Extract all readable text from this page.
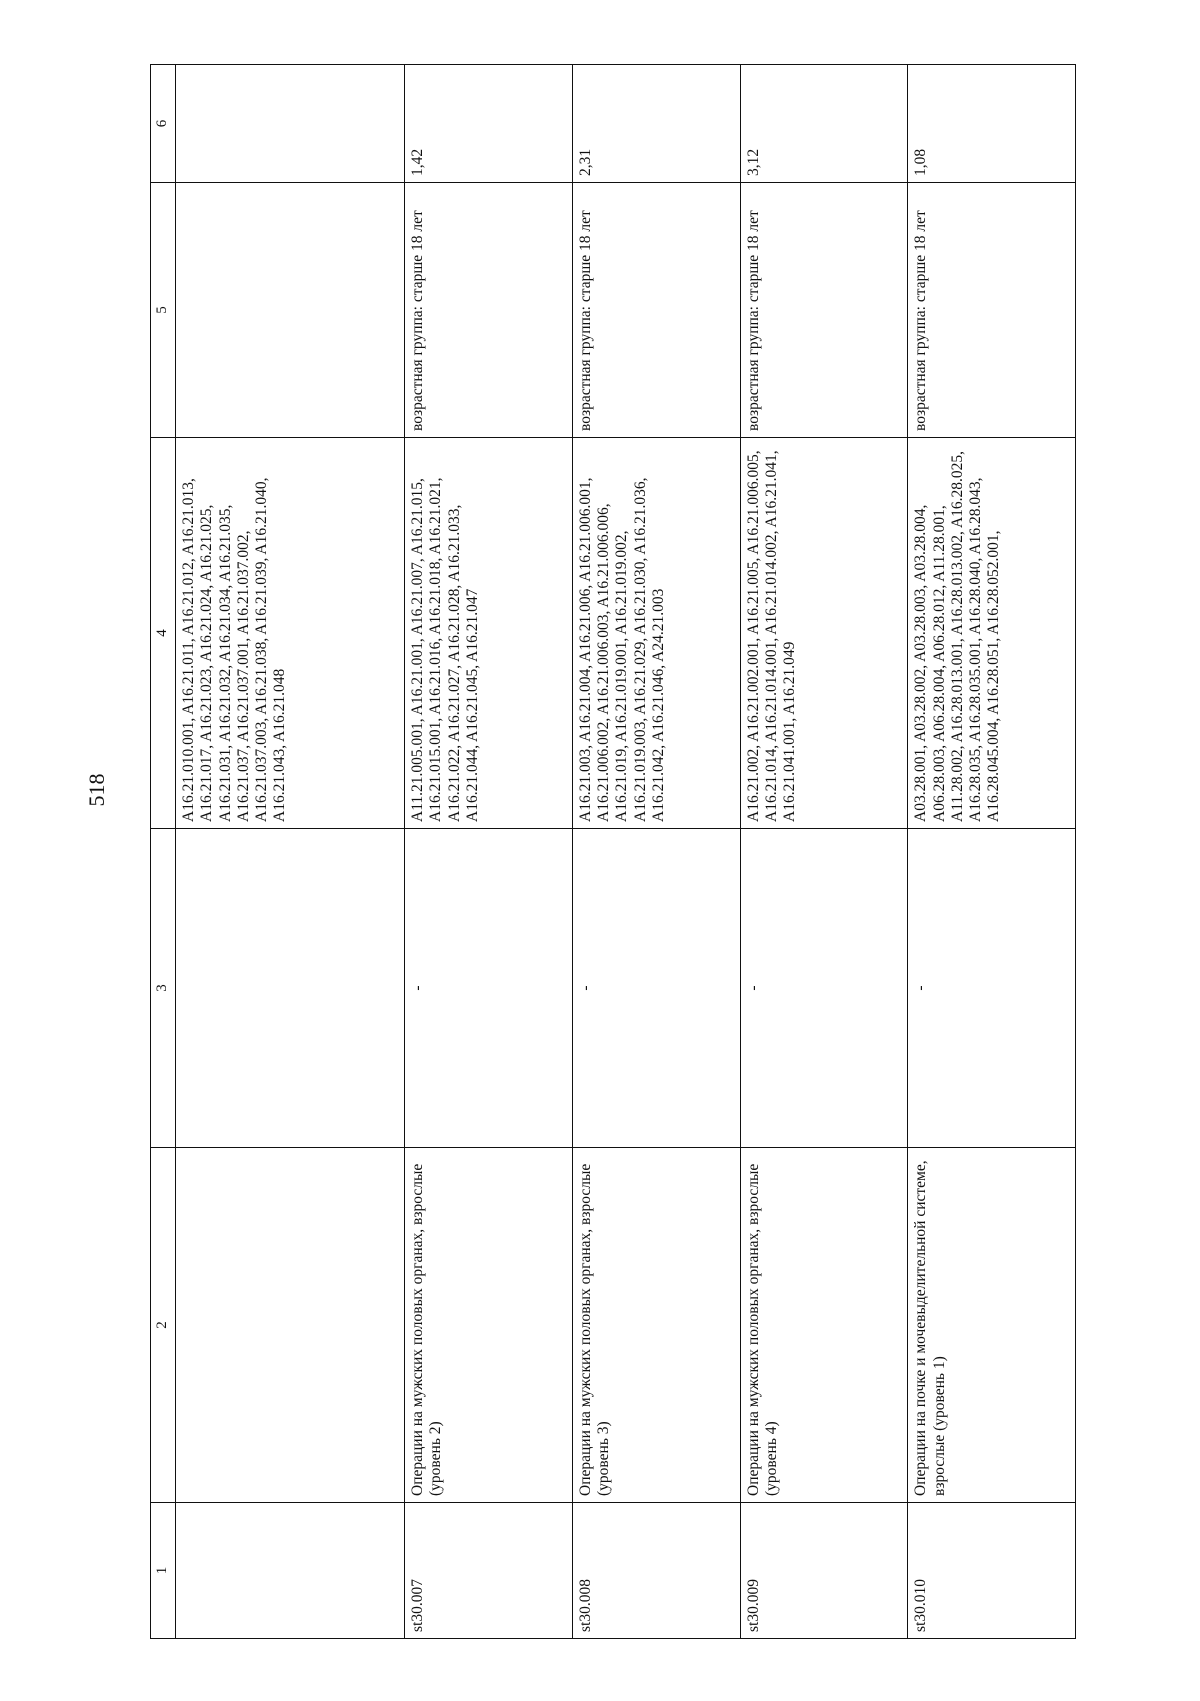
518
1	2	3	4	5	6
			A16.21.010.001, A16.21.011, A16.21.012, A16.21.013, A16.21.017, A16.21.023, A16.21.024, A16.21.025, A16.21.031, A16.21.032, A16.21.034, A16.21.035, A16.21.037, A16.21.037.001, A16.21.037.002, A16.21.037.003, A16.21.038, A16.21.039, A16.21.040, A16.21.043, A16.21.048		
st30.007	Операции на мужских половых органах, взрослые (уровень 2)	-	A11.21.005.001, A16.21.001, A16.21.007, A16.21.015, A16.21.015.001, A16.21.016, A16.21.018, A16.21.021, A16.21.022, A16.21.027, A16.21.028, A16.21.033, A16.21.044, A16.21.045, A16.21.047	возрастная группа: старше 18 лет	1,42
st30.008	Операции на мужских половых органах, взрослые (уровень 3)	-	A16.21.003, A16.21.004, A16.21.006, A16.21.006.001, A16.21.006.002, A16.21.006.003, A16.21.006.006, A16.21.019, A16.21.019.001, A16.21.019.002, A16.21.019.003, A16.21.029, A16.21.030, A16.21.036, A16.21.042, A16.21.046, A24.21.003	возрастная группа: старше 18 лет	2,31
st30.009	Операции на мужских половых органах, взрослые (уровень 4)	-	A16.21.002, A16.21.002.001, A16.21.005, A16.21.006.005, A16.21.014, A16.21.014.001, A16.21.014.002, A16.21.041, A16.21.041.001, A16.21.049	возрастная группа: старше 18 лет	3,12
st30.010	Операции на почке и мочевыделительной системе, взрослые (уровень 1)	-	A03.28.001, A03.28.002, A03.28.003, A03.28.004, A06.28.003, A06.28.004, A06.28.012, A11.28.001, A11.28.002, A16.28.013.001, A16.28.013.002, A16.28.025, A16.28.035, A16.28.035.001, A16.28.040, A16.28.043, A16.28.045.004, A16.28.051, A16.28.052.001,	возрастная группа: старше 18 лет	1,08
